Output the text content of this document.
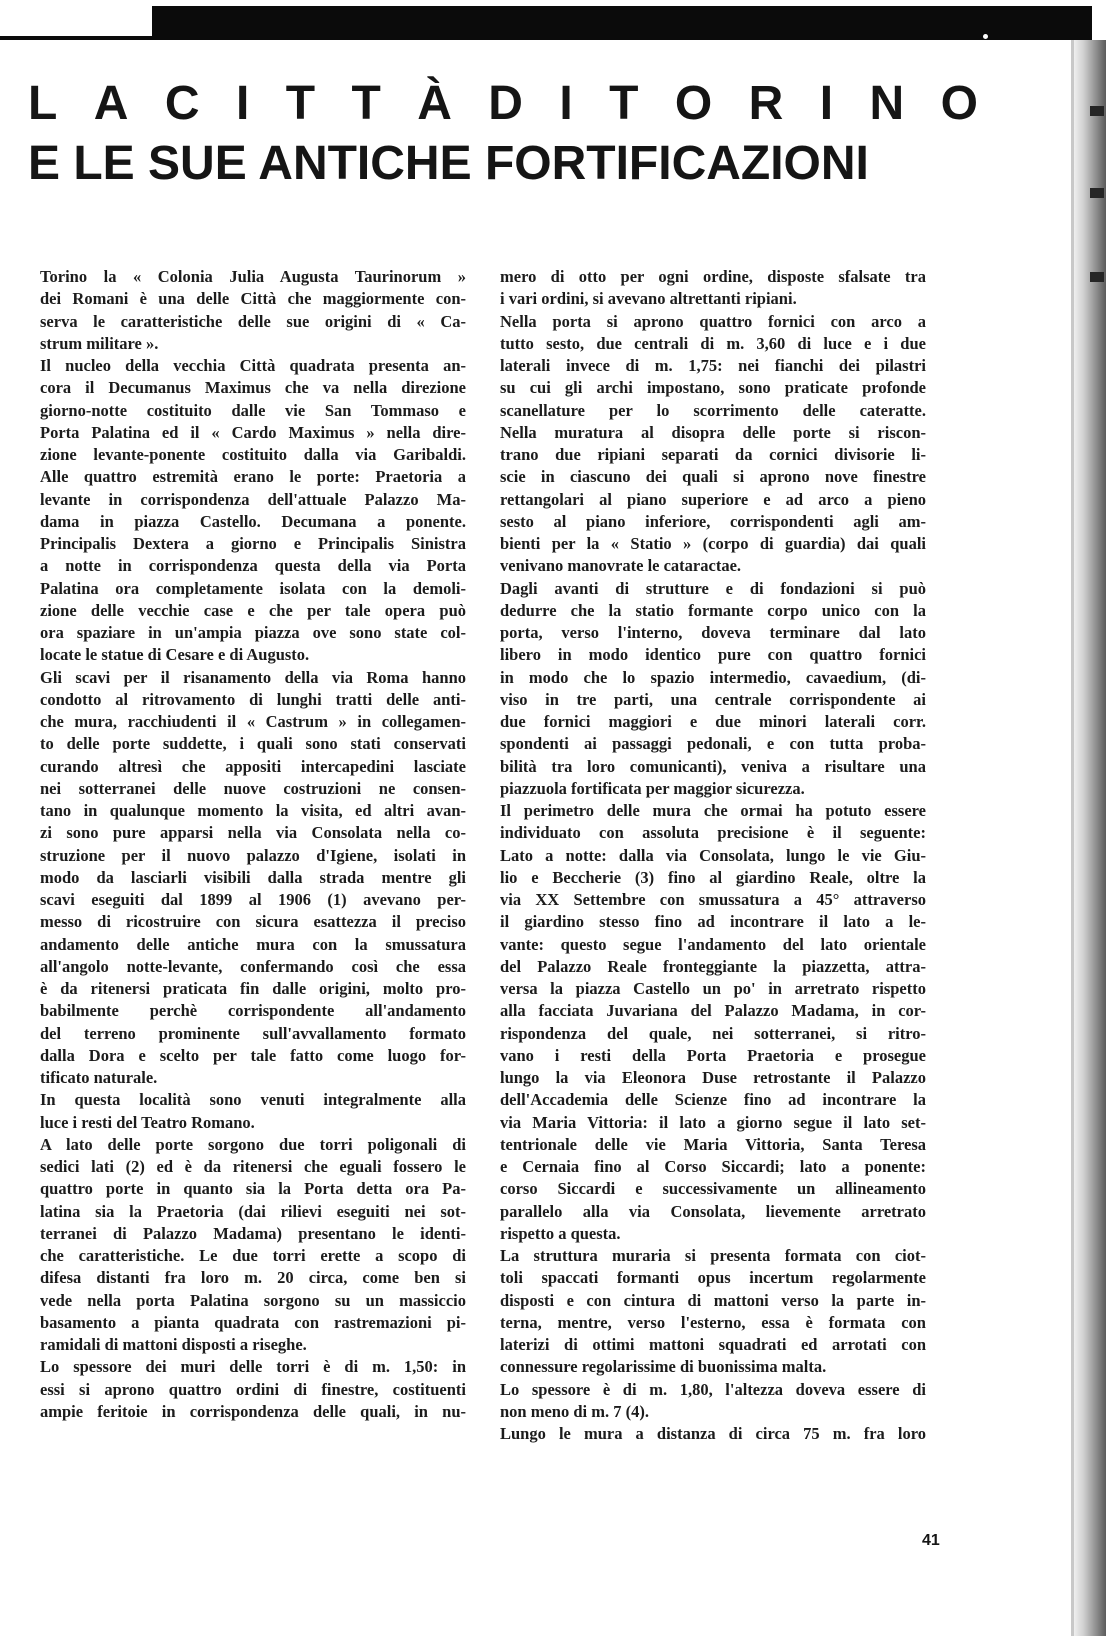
L A C I T T À D I T O R I N O
E LE SUE ANTICHE FORTIFICAZIONI

Torino la « Colonia Julia Augusta Taurinorum »

dei Romani è una delle Città che maggiormente con-

serva le caratteristiche delle sue origini di « Ca-

strum militare ».

Il nucleo della vecchia Città quadrata presenta an-

cora il Decumanus Maximus che va nella direzione

giorno-notte costituito dalle vie San Tommaso e

Porta Palatina ed il « Cardo Maximus » nella dire-

zione levante-ponente costituito dalla via Garibaldi.

Alle quattro estremità erano le porte: Praetoria a

levante in corrispondenza dell'attuale Palazzo Ma-

dama in piazza Castello. Decumana a ponente.

Principalis Dextera a giorno e Principalis Sinistra

a notte in corrispondenza questa della via Porta

Palatina ora completamente isolata con la demoli-

zione delle vecchie case e che per tale opera può

ora spaziare in un'ampia piazza ove sono state col-

locate le statue di Cesare e di Augusto.

Gli scavi per il risanamento della via Roma hanno

condotto al ritrovamento di lunghi tratti delle anti-

che mura, racchiudenti il « Castrum » in collegamen-

to delle porte suddette, i quali sono stati conservati

curando altresì che appositi intercapedini lasciate

nei sotterranei delle nuove costruzioni ne consen-

tano in qualunque momento la visita, ed altri avan-

zi sono pure apparsi nella via Consolata nella co-

struzione per il nuovo palazzo d'Igiene, isolati in

modo da lasciarli visibili dalla strada mentre gli

scavi eseguiti dal 1899 al 1906 (1) avevano per-

messo di ricostruire con sicura esattezza il preciso

andamento delle antiche mura con la smussatura

all'angolo notte-levante, confermando così che essa

è da ritenersi praticata fin dalle origini, molto pro-

babilmente perchè corrispondente all'andamento

del terreno prominente sull'avvallamento formato

dalla Dora e scelto per tale fatto come luogo for-

tificato naturale.

In questa località sono venuti integralmente alla

luce i resti del Teatro Romano.

A lato delle porte sorgono due torri poligonali di

sedici lati (2) ed è da ritenersi che eguali fossero le

quattro porte in quanto sia la Porta detta ora Pa-

latina sia la Praetoria (dai rilievi eseguiti nei sot-

terranei di Palazzo Madama) presentano le identi-

che caratteristiche. Le due torri erette a scopo di

difesa distanti fra loro m. 20 circa, come ben si

vede nella porta Palatina sorgono su un massiccio

basamento a pianta quadrata con rastremazioni pi-

ramidali di mattoni disposti a riseghe.

Lo spessore dei muri delle torri è di m. 1,50: in

essi si aprono quattro ordini di finestre, costituenti

ampie feritoie in corrispondenza delle quali, in nu-

mero di otto per ogni ordine, disposte sfalsate tra

i vari ordini, si avevano altrettanti ripiani.

Nella porta si aprono quattro fornici con arco a

tutto sesto, due centrali di m. 3,60 di luce e i due

laterali invece di m. 1,75: nei fianchi dei pilastri

su cui gli archi impostano, sono praticate profonde

scanellature per lo scorrimento delle cateratte.

Nella muratura al disopra delle porte si riscon-

trano due ripiani separati da cornici divisorie li-

scie in ciascuno dei quali si aprono nove finestre

rettangolari al piano superiore e ad arco a pieno

sesto al piano inferiore, corrispondenti agli am-

bienti per la « Statio » (corpo di guardia) dai quali

venivano manovrate le cataractae.

Dagli avanti di strutture e di fondazioni si può

dedurre che la statio formante corpo unico con la

porta, verso l'interno, doveva terminare dal lato

libero in modo identico pure con quattro fornici

in modo che lo spazio intermedio, cavaedium, (di-

viso in tre parti, una centrale corrispondente ai

due fornici maggiori e due minori laterali corr.

spondenti ai passaggi pedonali, e con tutta proba-

bilità tra loro comunicanti), veniva a risultare una

piazzuola fortificata per maggior sicurezza.

Il perimetro delle mura che ormai ha potuto essere

individuato con assoluta precisione è il seguente:

Lato a notte: dalla via Consolata, lungo le vie Giu-

lio e Beccherie (3) fino al giardino Reale, oltre la

via XX Settembre con smussatura a 45° attraverso

il giardino stesso fino ad incontrare il lato a le-

vante: questo segue l'andamento del lato orientale

del Palazzo Reale fronteggiante la piazzetta, attra-

versa la piazza Castello un po' in arretrato rispetto

alla facciata Juvariana del Palazzo Madama, in cor-

rispondenza del quale, nei sotterranei, si ritro-

vano i resti della Porta Praetoria e prosegue

lungo la via Eleonora Duse retrostante il Palazzo

dell'Accademia delle Scienze fino ad incontrare la

via Maria Vittoria: il lato a giorno segue il lato set-

tentrionale delle vie Maria Vittoria, Santa Teresa

e Cernaia fino al Corso Siccardi; lato a ponente:

corso Siccardi e successivamente un allineamento

parallelo alla via Consolata, lievemente arretrato

rispetto a questa.

La struttura muraria si presenta formata con ciot-

toli spaccati formanti opus incertum regolarmente

disposti e con cintura di mattoni verso la parte in-

terna, mentre, verso l'esterno, essa è formata con

laterizi di ottimi mattoni squadrati ed arrotati con

connessure regolarissime di buonissima malta.

Lo spessore è di m. 1,80, l'altezza doveva essere di

non meno di m. 7 (4).

Lungo le mura a distanza di circa 75 m. fra loro

41
